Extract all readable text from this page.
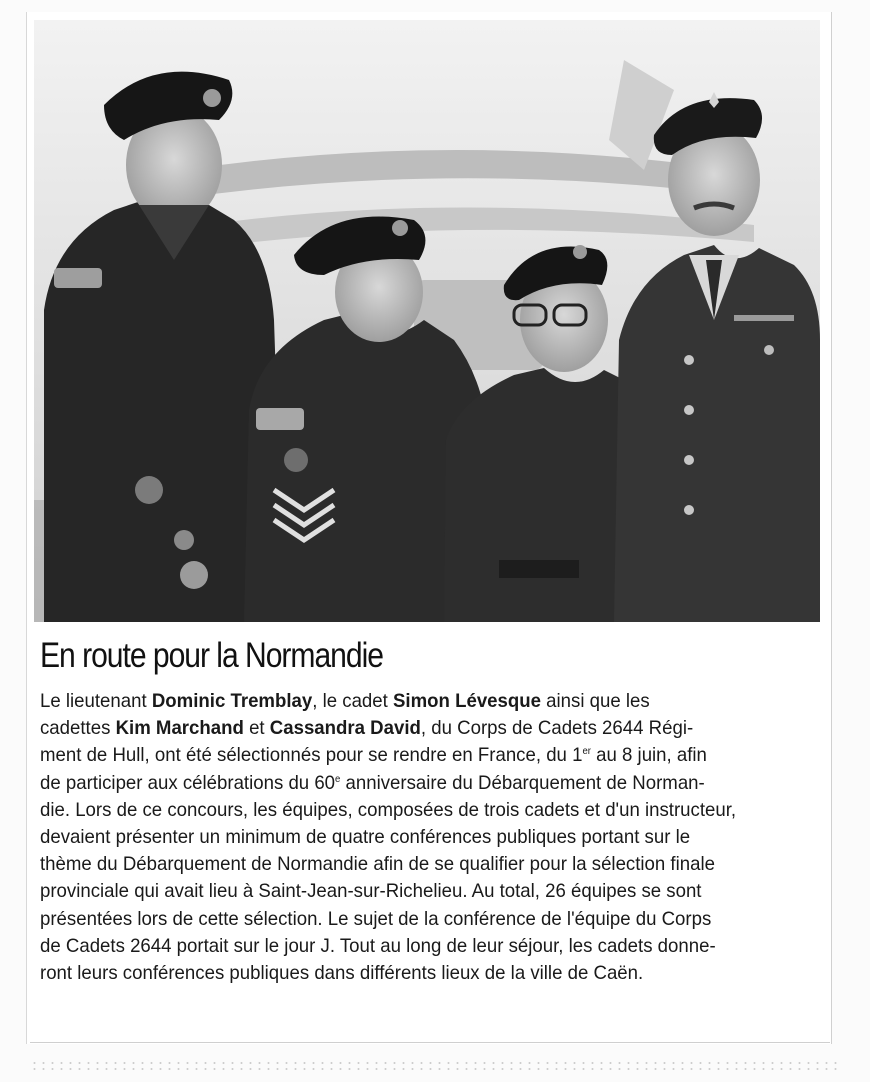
En route pour la Normandie
Le lieutenant Dominic Tremblay, le cadet Simon Lévesque ainsi que les
cadettes Kim Marchand et Cassandra David, du Corps de Cadets 2644 Régi-
ment de Hull, ont été sélectionnés pour se rendre en France, du 1er au 8 juin, afin
de participer aux célébrations du 60e anniversaire du Débarquement de Norman-
die. Lors de ce concours, les équipes, composées de trois cadets et d'un instructeur,
devaient présenter un minimum de quatre conférences publiques portant sur le
thème du Débarquement de Normandie afin de se qualifier pour la sélection finale
provinciale qui avait lieu à Saint-Jean-sur-Richelieu. Au total, 26 équipes se sont
présentées lors de cette sélection. Le sujet de la conférence de l'équipe du Corps
de Cadets 2644 portait sur le jour J. Tout au long de leur séjour, les cadets donne-
ront leurs conférences publiques dans différents lieux de la ville de Caën.
